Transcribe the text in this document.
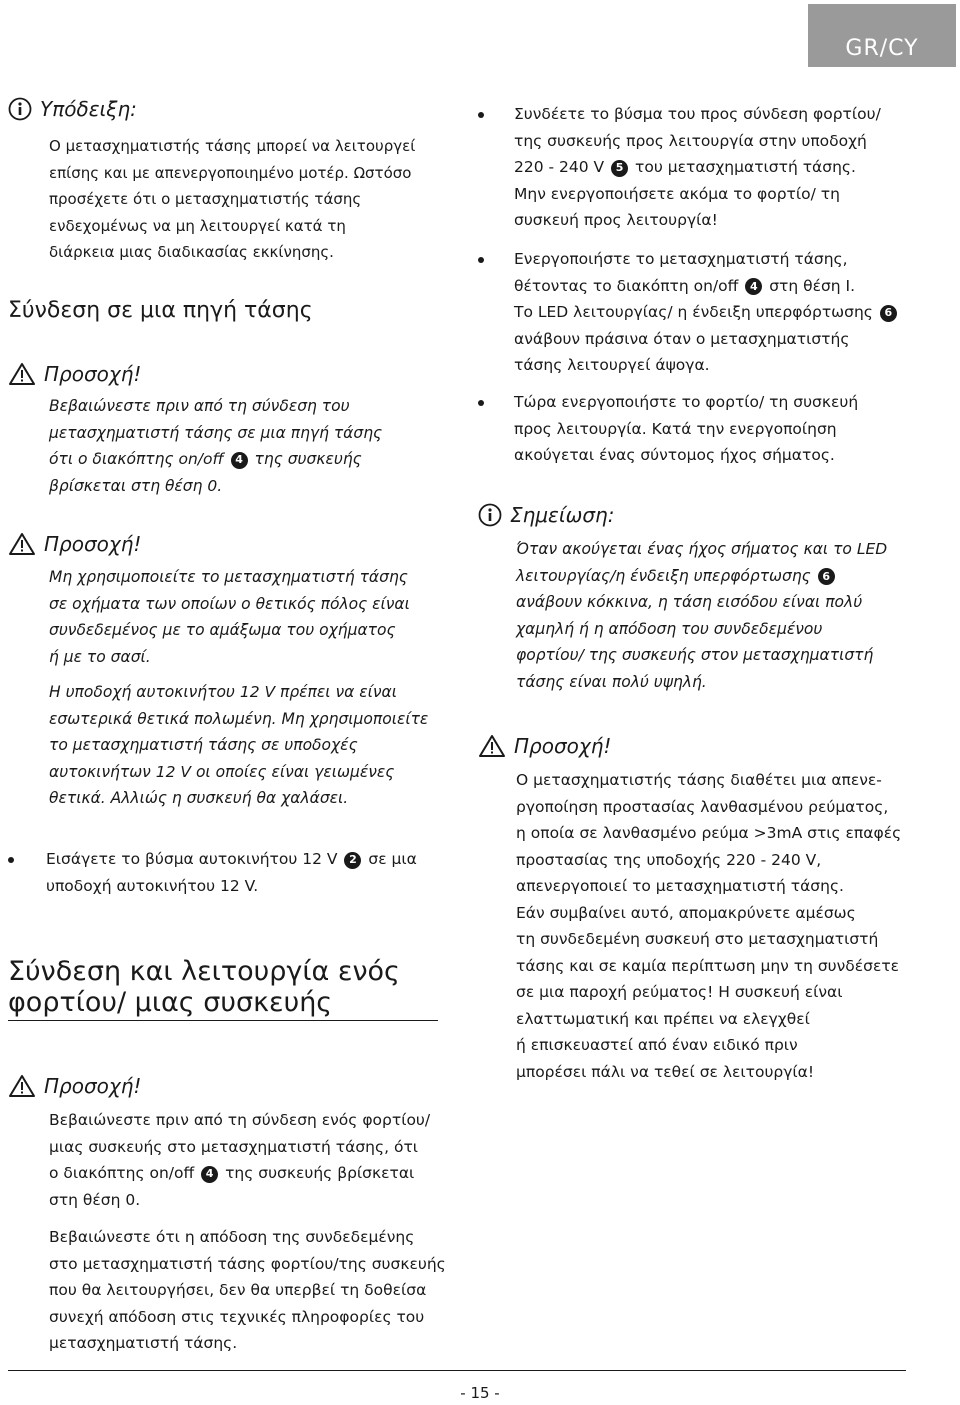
GR/CY
Υπόδειξη:

Ο μετασχηματιστής τάσης μπορεί να λειτουργεί
επίσης και με απενεργοποιημένο μοτέρ. Ωστόσο
προσέχετε ότι ο μετασχηματιστής τάσης
ενδεχομένως να μη λειτουργεί κατά τη
διάρκεια μιας διαδικασίας εκκίνησης.

Σύνδεση σε μια πηγή τάσης
Προσοχή!

Βεβαιώνεστε πριν από τη σύνδεση του
μετασχηματιστή τάσης σε μια πηγή τάσης
ότι ο διακόπτης on/off 4 της συσκευής
βρίσκεται στη θέση 0.

Προσοχή!

Μη χρησιμοποιείτε το μετασχηματιστή τάσης
σε οχήματα των οποίων ο θετικός πόλος είναι
συνδεδεμένος με το αμάξωμα του οχήματος
ή με το σασί.

Η υποδοχή αυτοκινήτου 12 V πρέπει να είναι
εσωτερικά θετικά πολωμένη. Μη χρησιμοποιείτε
το μετασχηματιστή τάσης σε υποδοχές
αυτοκινήτων 12 V οι οποίες είναι γειωμένες
θετικά. Αλλιώς η συσκευή θα χαλάσει.

Εισάγετε το βύσμα αυτοκινήτου 12 V 2 σε μια
υποδοχή αυτοκινήτου 12 V.

Σύνδεση και λειτουργία ενός
φορτίου/ μιας συσκευής
Προσοχή!

Βεβαιώνεστε πριν από τη σύνδεση ενός φορτίου/
μιας συσκευής στο μετασχηματιστή τάσης, ότι
ο διακόπτης on/off 4 της συσκευής βρίσκεται
στη θέση 0.

Βεβαιώνεστε ότι η απόδοση της συνδεδεμένης
στο μετασχηματιστή τάσης φορτίου/της συσκευής
που θα λειτουργήσει, δεν θα υπερβεί τη δοθείσα
συνεχή απόδοση στις τεχνικές πληροφορίες του
μετασχηματιστή τάσης.

Συνδέετε το βύσμα του προς σύνδεση φορτίου/
της συσκευής προς λειτουργία στην υποδοχή
220 - 240 V 5 του μετασχηματιστή τάσης.
Μην ενεργοποιήσετε ακόμα το φορτίο/ τη
συσκευή προς λειτουργία!

Ενεργοποιήστε το μετασχηματιστή τάσης,
θέτοντας το διακόπτη on/off 4 στη θέση I.
Το LED λειτουργίας/ η ένδειξη υπερφόρτωσης 6
ανάβουν πράσινα όταν ο μετασχηματιστής
τάσης λειτουργεί άψογα.

Τώρα ενεργοποιήστε το φορτίο/ τη συσκευή
προς λειτουργία. Κατά την ενεργοποίηση
ακούγεται ένας σύντομος ήχος σήματος.

Σημείωση:

Όταν ακούγεται ένας ήχος σήματος και το LED
λειτουργίας/η ένδειξη υπερφόρτωσης 6
ανάβουν κόκκινα, η τάση εισόδου είναι πολύ
χαμηλή ή η απόδοση του συνδεδεμένου
φορτίου/ της συσκευής στον μετασχηματιστή
τάσης είναι πολύ υψηλή.

Προσοχή!

Ο μετασχηματιστής τάσης διαθέτει μια απενε-
ργοποίηση προστασίας λανθασμένου ρεύματος,
η οποία σε λανθασμένο ρεύμα >3mA στις επαφές
προστασίας της υποδοχής 220 - 240 V,
απενεργοποιεί το μετασχηματιστή τάσης.
Εάν συμβαίνει αυτό, απομακρύνετε αμέσως
τη συνδεδεμένη συσκευή στο μετασχηματιστή
τάσης και σε καμία περίπτωση μην τη συνδέσετε
σε μια παροχή ρεύματος! Η συσκευή είναι
ελαττωματική και πρέπει να ελεγχθεί
ή επισκευαστεί από έναν ειδικό πριν
μπορέσει πάλι να τεθεί σε λειτουργία!

- 15 -
